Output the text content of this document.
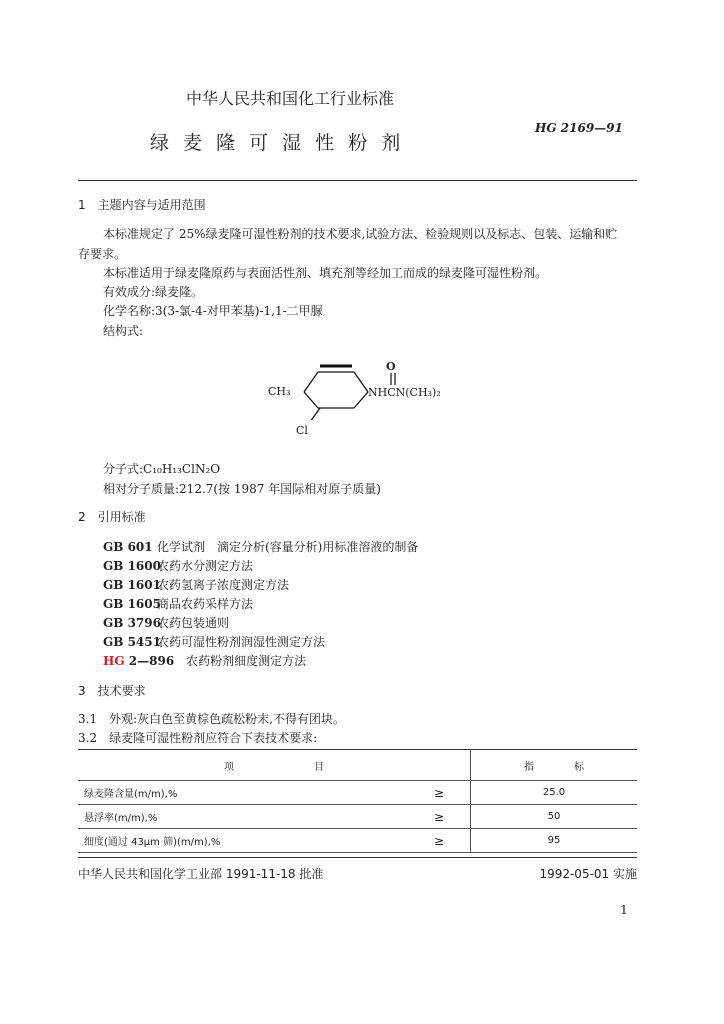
中华人民共和国化工行业标准
绿 麦 隆 可 湿 性 粉 剂
HG 2169—91
1　主题内容与适用范围
本标准规定了 25%绿麦隆可湿性粉剂的技术要求,试验方法、检验规则以及标志、包装、运输和贮
存要求。
本标准适用于绿麦隆原药与表面活性剂、填充剂等经加工而成的绿麦隆可湿性粉剂。
有效成分:绿麦隆。
化学名称:3(3-氯-4-对甲苯基)-1,1-二甲脲
结构式:
O
CH₃	NHCN(CH₃)₂
Cl
分子式:C₁₀H₁₃ClN₂O
相对分子质量:212.7(按 1987 年国际相对原子质量)
2　引用标准
GB 601 化学试剂　滴定分析(容量分析)用标准溶液的制备
GB 1600农药水分测定方法
GB 1601农药氢离子浓度测定方法
GB 1605商品农药采样方法
GB 3796农药包装通则
GB 5451农药可湿性粉剂润湿性测定方法
HG 2—896 农药粉剂细度测定方法
3　技术要求
3.1　外观:灰白色至黄棕色疏松粉末,不得有团块。
3.2　绿麦隆可湿性粉剂应符合下表技术要求:
项 目		指 标
绿麦隆含量(m/m),%	≥	25.0
悬浮率(m/m),%	≥	50
细度(通过 43μm 筛)(m/m),%	≥	95
中华人民共和国化学工业部 1991-11-18 批准	1992-05-01 实施
1
